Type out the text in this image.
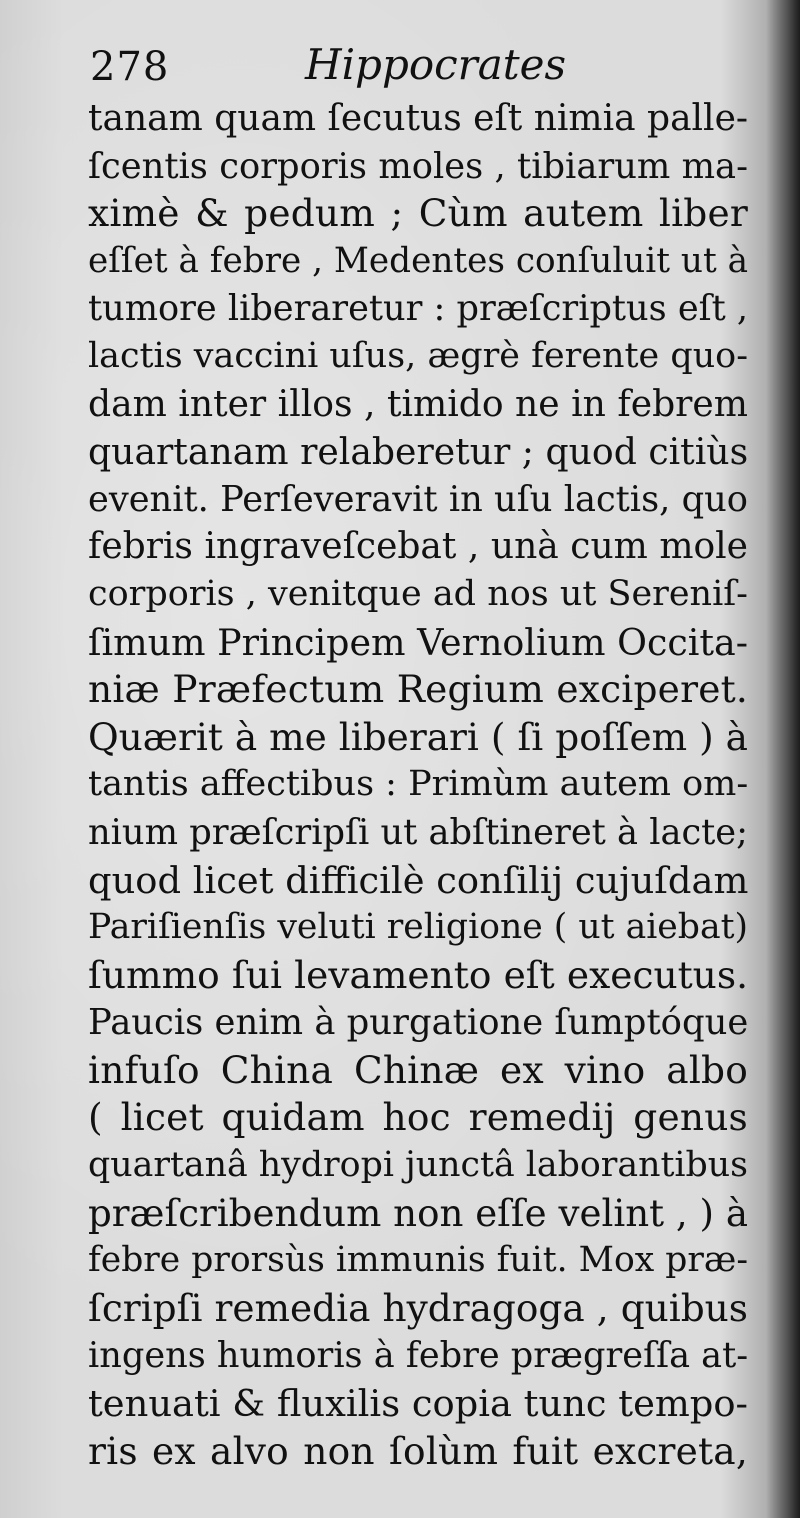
278	Hippocrates
tanam quam ſecutus eſt nimia palle-
ſcentis corporis moles , tibiarum ma-
ximè & pedum ; Cùm autem liber
eſſet à febre , Medentes conſuluit ut à
tumore liberaretur : præſcriptus eſt ,
lactis vaccini uſus, ægrè ferente quo-
dam inter illos , timido ne in febrem
quartanam relaberetur ; quod citiùs
evenit. Perſeveravit in uſu lactis, quo
febris ingraveſcebat , unà cum mole
corporis , venitque ad nos ut Sereniſ-
ſimum Principem Vernolium Occita-
niæ Præfectum Regium exciperet.
Quærit à me liberari ( ſi poſſem ) à
tantis affectibus : Primùm autem om-
nium præſcripſi ut abſtineret à lacte;
quod licet difficilè conſilij cujuſdam
Pariſienſis veluti religione ( ut aiebat)
ſummo ſui levamento eſt executus.
Paucis enim à purgatione ſumptóque
infuſo China Chinæ ex vino albo
( licet quidam hoc remedij genus
quartanâ hydropi junctâ laborantibus
præſcribendum non eſſe velint , ) à
febre prorsùs immunis fuit. Mox præ-
ſcripſi remedia hydragoga , quibus
ingens humoris à febre prægreſſa at-
tenuati & fluxilis copia tunc tempo-
ris ex alvo non ſolùm fuit excreta,
